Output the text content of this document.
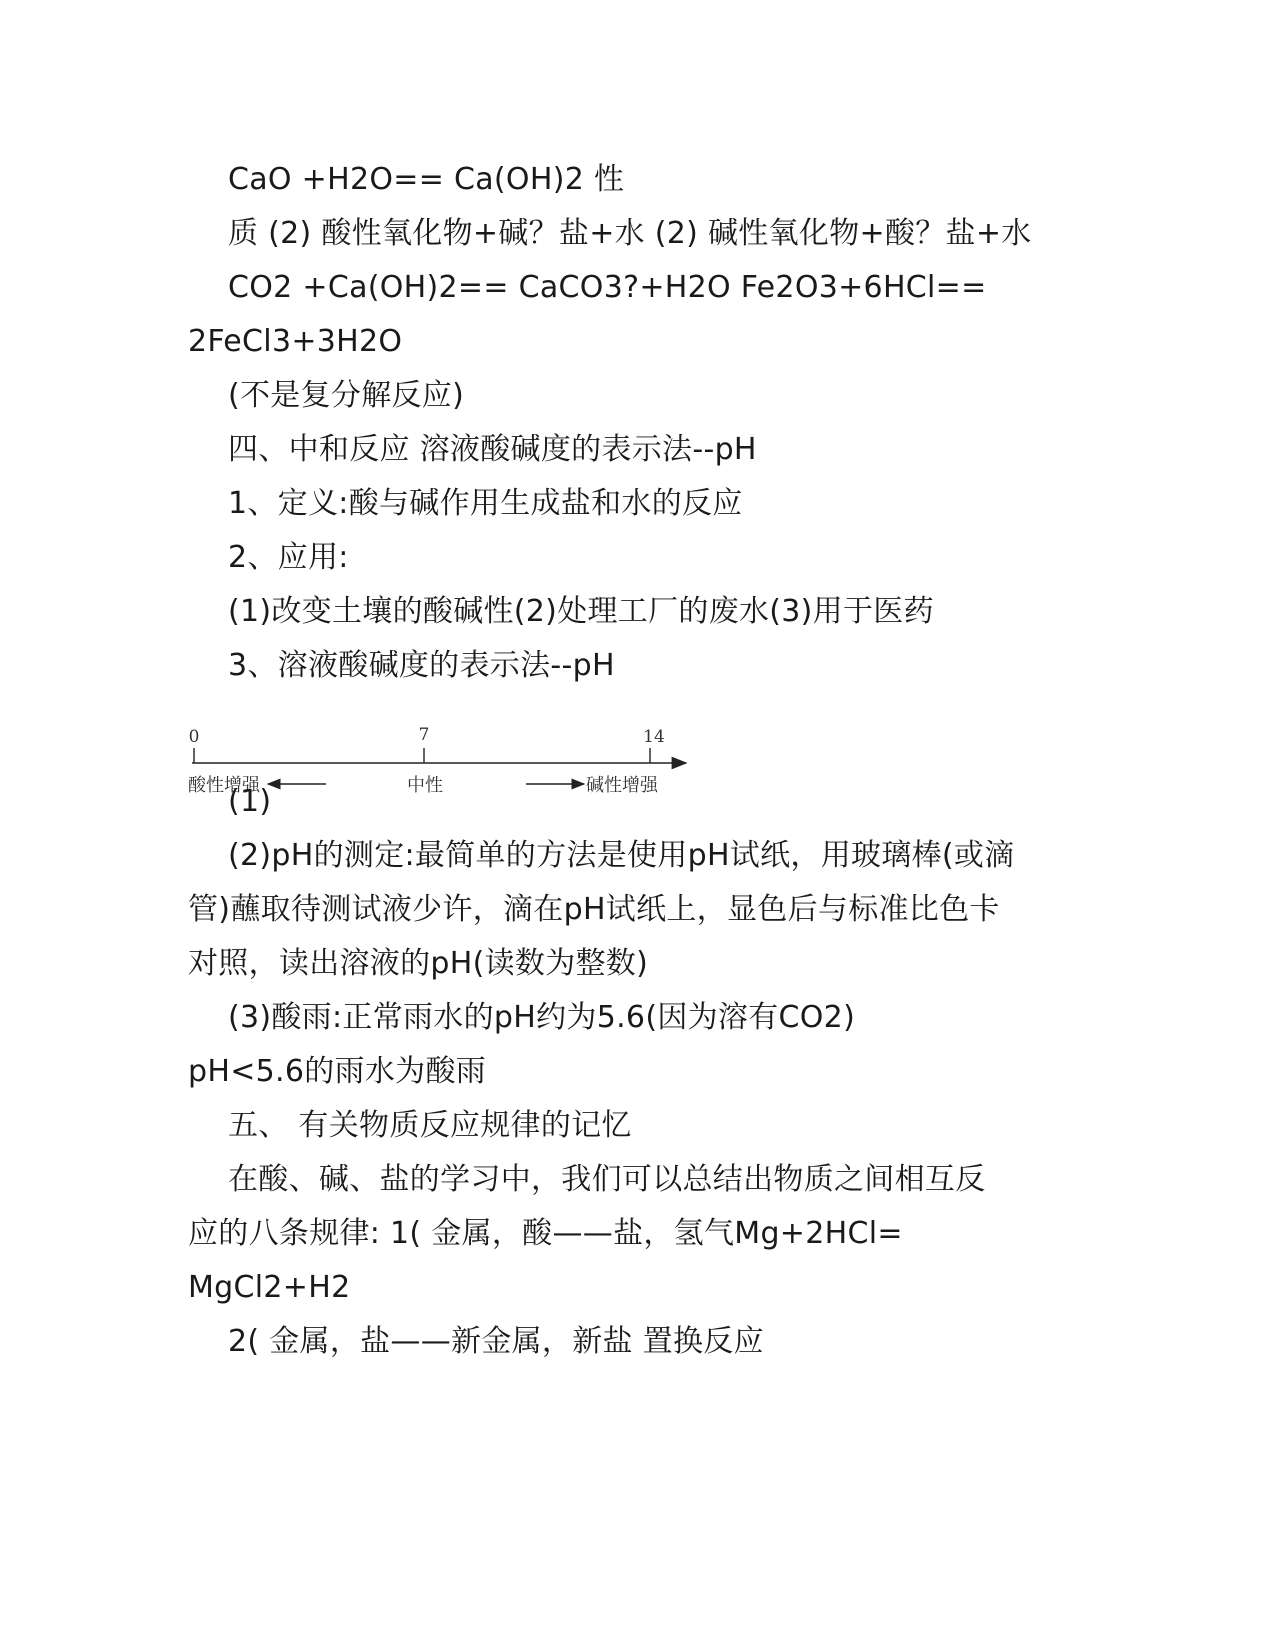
CaO +H2O== Ca(OH)2 性
质 (2) 酸性氧化物+碱？盐+水 (2) 碱性氧化物+酸？盐+水
CO2 +Ca(OH)2== CaCO3?+H2O Fe2O3+6HCl==
2FeCl3+3H2O
(不是复分解反应)
四、中和反应 溶液酸碱度的表示法--pH
1、定义:酸与碱作用生成盐和水的反应
2、应用:
(1)改变土壤的酸碱性(2)处理工厂的废水(3)用于医药
3、溶液酸碱度的表示法--pH
0	7	14
酸性增强	中性	碱性增强
(1)
(2)pH的测定:最简单的方法是使用pH试纸，用玻璃棒(或滴
管)蘸取待测试液少许，滴在pH试纸上，显色后与标准比色卡
对照，读出溶液的pH(读数为整数)
(3)酸雨:正常雨水的pH约为5.6(因为溶有CO2)
pH<5.6的雨水为酸雨
五、 有关物质反应规律的记忆
在酸、碱、盐的学习中，我们可以总结出物质之间相互反
应的八条规律: 1( 金属，酸——盐，氢气Mg+2HCl=
MgCl2+H2
2( 金属，盐——新金属，新盐 置换反应
